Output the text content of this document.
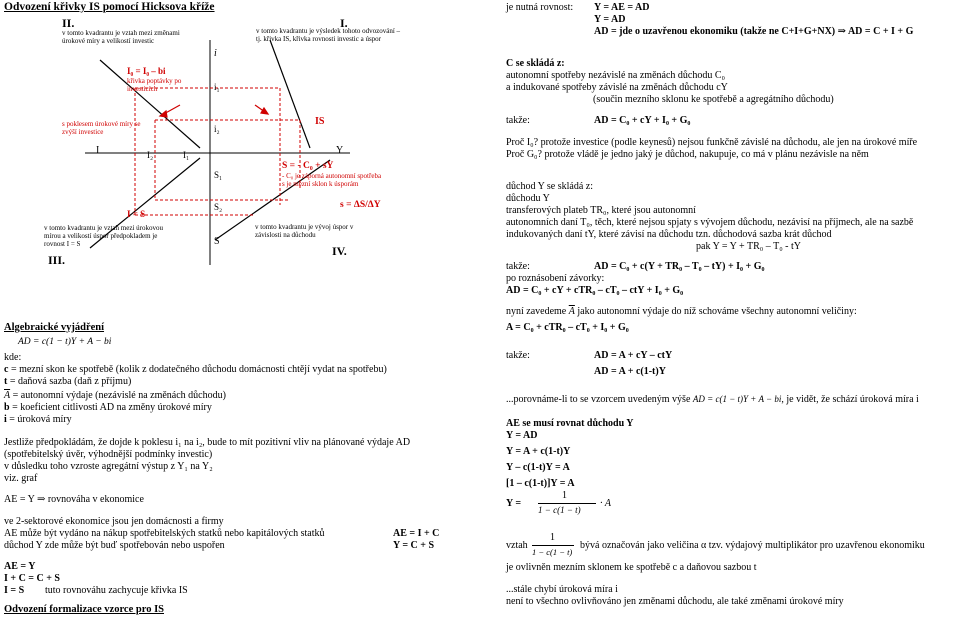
Odvození křivky IS pomocí Hicksova kříže
II.
v tomto kvadrantu je vztah mezi změnami úrokové míry a velikostí investic
I.
v tomto kvadrantu je výsledek tohoto odvozování – tj. křivka IS, křivka rovnosti investic a úspor
v tomto kvadrantu je vztah mezi úrokovou mírou a velikostí úspor předpokladem je rovnost I = S
III.
v tomto kvadrantu je vývoj úspor v závislosti na důchodu
IV.
I₀ = I₀ – bi
křivka poptávky po investicích
s poklesem úrokové míry se zvýší investice
i
i₁
i₂
I	I₂	I₁
IS
Y
S₁
S₂
S
I = S
S = - C₀ + sY
- C₀ je záporná autonomní spotřeba
s je mezní sklon k úsporám
s = ΔS/ΔY
Algebraické vyjádření
AD = c(1 − t)Y + A − bi
kde:
c = mezní skon ke spotřebě (kolik z dodatečného důchodu domácnosti chtějí vydat na spotřebu)
t = daňová sazba (daň z příjmu)
$\overline{A}$ = autonomní výdaje (nezávislé na změnách důchodu)
b = koeficient citlivosti AD na změny úrokové míry
i = úroková míry
Jestliže předpokládám, že dojde k poklesu i₁ na i₂, bude to mít pozitivní vliv na plánované výdaje AD
(spotřebitelský úvěr, výhodnější podmínky investic)
v důsledku toho vzroste agregátní výstup z Y₁ na Y₂
viz. graf
AE = Y ⇒ rovnováha v ekonomice
ve 2-sektorové ekonomice jsou jen domácnosti a firmy
AE může být vydáno na nákup spotřebitelských statků nebo kapitálových statků	AE = I + C
důchod Y zde může být buď spotřebován nebo uspořen	Y = C + S
AE = Y
I + C = C + S
I = S tuto rovnováhu zachycuje křivka IS
Odvození formalizace vzorce pro IS
je nutná rovnost: Y = AE = AD
Y = AD
AD = jde o uzavřenou ekonomiku (takže ne C+I+G+NX) ⇒ AD = C + I + G
C se skládá z:
autonomní spotřeby nezávislé na změnách důchodu C₀
a indukované spotřeby závislé na změnách důchodu cY
(součin mezního sklonu ke spotřebě a agregátního důchodu)
takže:	AD = C₀ + cY + I₀ + G₀
Proč I₀? protože investice (podle keynesů) nejsou funkčně závislé na důchodu, ale jen na úrokové míře
Proč G₀? protože vládě je jedno jaký je důchod, nakupuje, co má v plánu nezávisle na něm
důchod Y se skládá z:
důchodu Y
transferových plateb TR₀, které jsou autonomní
autonomních daní T₀, těch, které nejsou spjaty s vývojem důchodu, nezávisí na příjmech, ale na sazbě
indukovaných daní tY, které závisí na důchodu tzn. důchodová sazba krát důchod
pak Y = Y + TR₀ – T₀ - tY
takže:	AD = C₀ + c(Y + TR₀ – T₀ – tY) + I₀ + G₀
po roznásobení závorky:
AD = C₀ + cY + cTR₀ – cT₀ – ctY + I₀ + G₀
nyní zavedeme $\overline{A}$ jako autonomní výdaje do níž schováme všechny autonomní veličiny:
A = C₀ + cTR₀ – cT₀ + I₀ + G₀
takže:	AD = A + cY – ctY
AD = A + c(1-t)Y
...porovnáme-li to se vzorcem uvedeným výše AD = c(1 − t)Y + A − bi, je vidět, že schází úroková míra i
AE se musí rovnat důchodu Y
Y = AD
Y = A + c(1-t)Y
Y – c(1-t)Y = A
[1 – c(1-t)]Y = A
Y =
1
1 − c(1 − t)
· A
vztah
1
1 − c(1 − t)
bývá označován jako veličina α tzv. výdajový multiplikátor pro uzavřenou ekonomiku
je ovlivněn mezním sklonem ke spotřebě c a daňovou sazbou t
...stále chybí úroková míra i
není to všechno ovlivňováno jen změnami důchodu, ale také změnami úrokové míry
